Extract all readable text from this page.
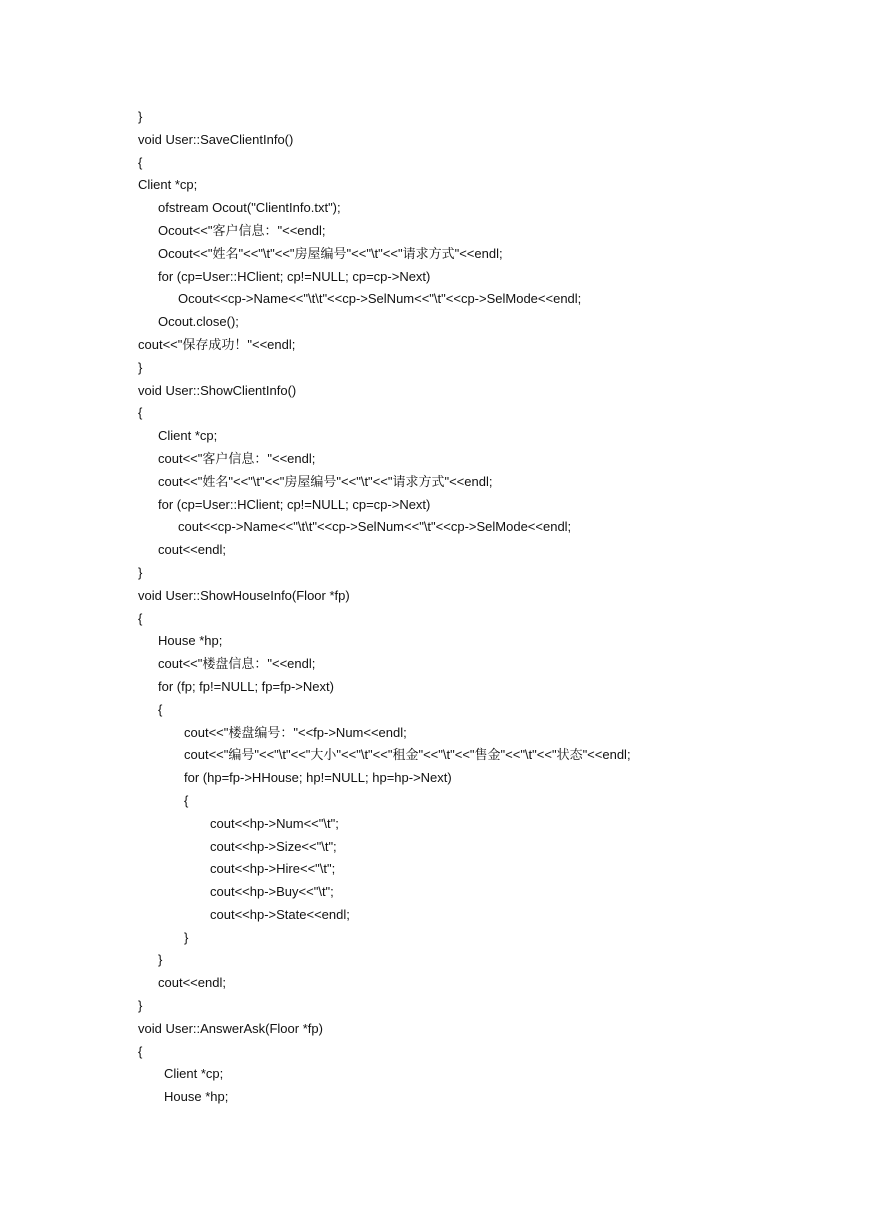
}
void User::SaveClientInfo()
{
Client *cp;
ofstream Ocout("ClientInfo.txt");
Ocout<<"客户信息："<<endl;
Ocout<<"姓名"<<"\t"<<"房屋编号"<<"\t"<<"请求方式"<<endl;
for (cp=User::HClient; cp!=NULL; cp=cp->Next)
Ocout<<cp->Name<<"\t\t"<<cp->SelNum<<"\t"<<cp->SelMode<<endl;
Ocout.close();
cout<<"保存成功！"<<endl;
}
void User::ShowClientInfo()
{
Client *cp;
cout<<"客户信息："<<endl;
cout<<"姓名"<<"\t"<<"房屋编号"<<"\t"<<"请求方式"<<endl;
for (cp=User::HClient; cp!=NULL; cp=cp->Next)
cout<<cp->Name<<"\t\t"<<cp->SelNum<<"\t"<<cp->SelMode<<endl;
cout<<endl;
}
void User::ShowHouseInfo(Floor *fp)
{
House *hp;
cout<<"楼盘信息："<<endl;
for (fp; fp!=NULL; fp=fp->Next)
{
cout<<"楼盘编号："<<fp->Num<<endl;
cout<<"编号"<<"\t"<<"大小"<<"\t"<<"租金"<<"\t"<<"售金"<<"\t"<<"状态"<<endl;
for (hp=fp->HHouse; hp!=NULL; hp=hp->Next)
{
cout<<hp->Num<<"\t";
cout<<hp->Size<<"\t";
cout<<hp->Hire<<"\t";
cout<<hp->Buy<<"\t";
cout<<hp->State<<endl;
}
}
cout<<endl;
}
void User::AnswerAsk(Floor *fp)
{
Client *cp;
House *hp;
